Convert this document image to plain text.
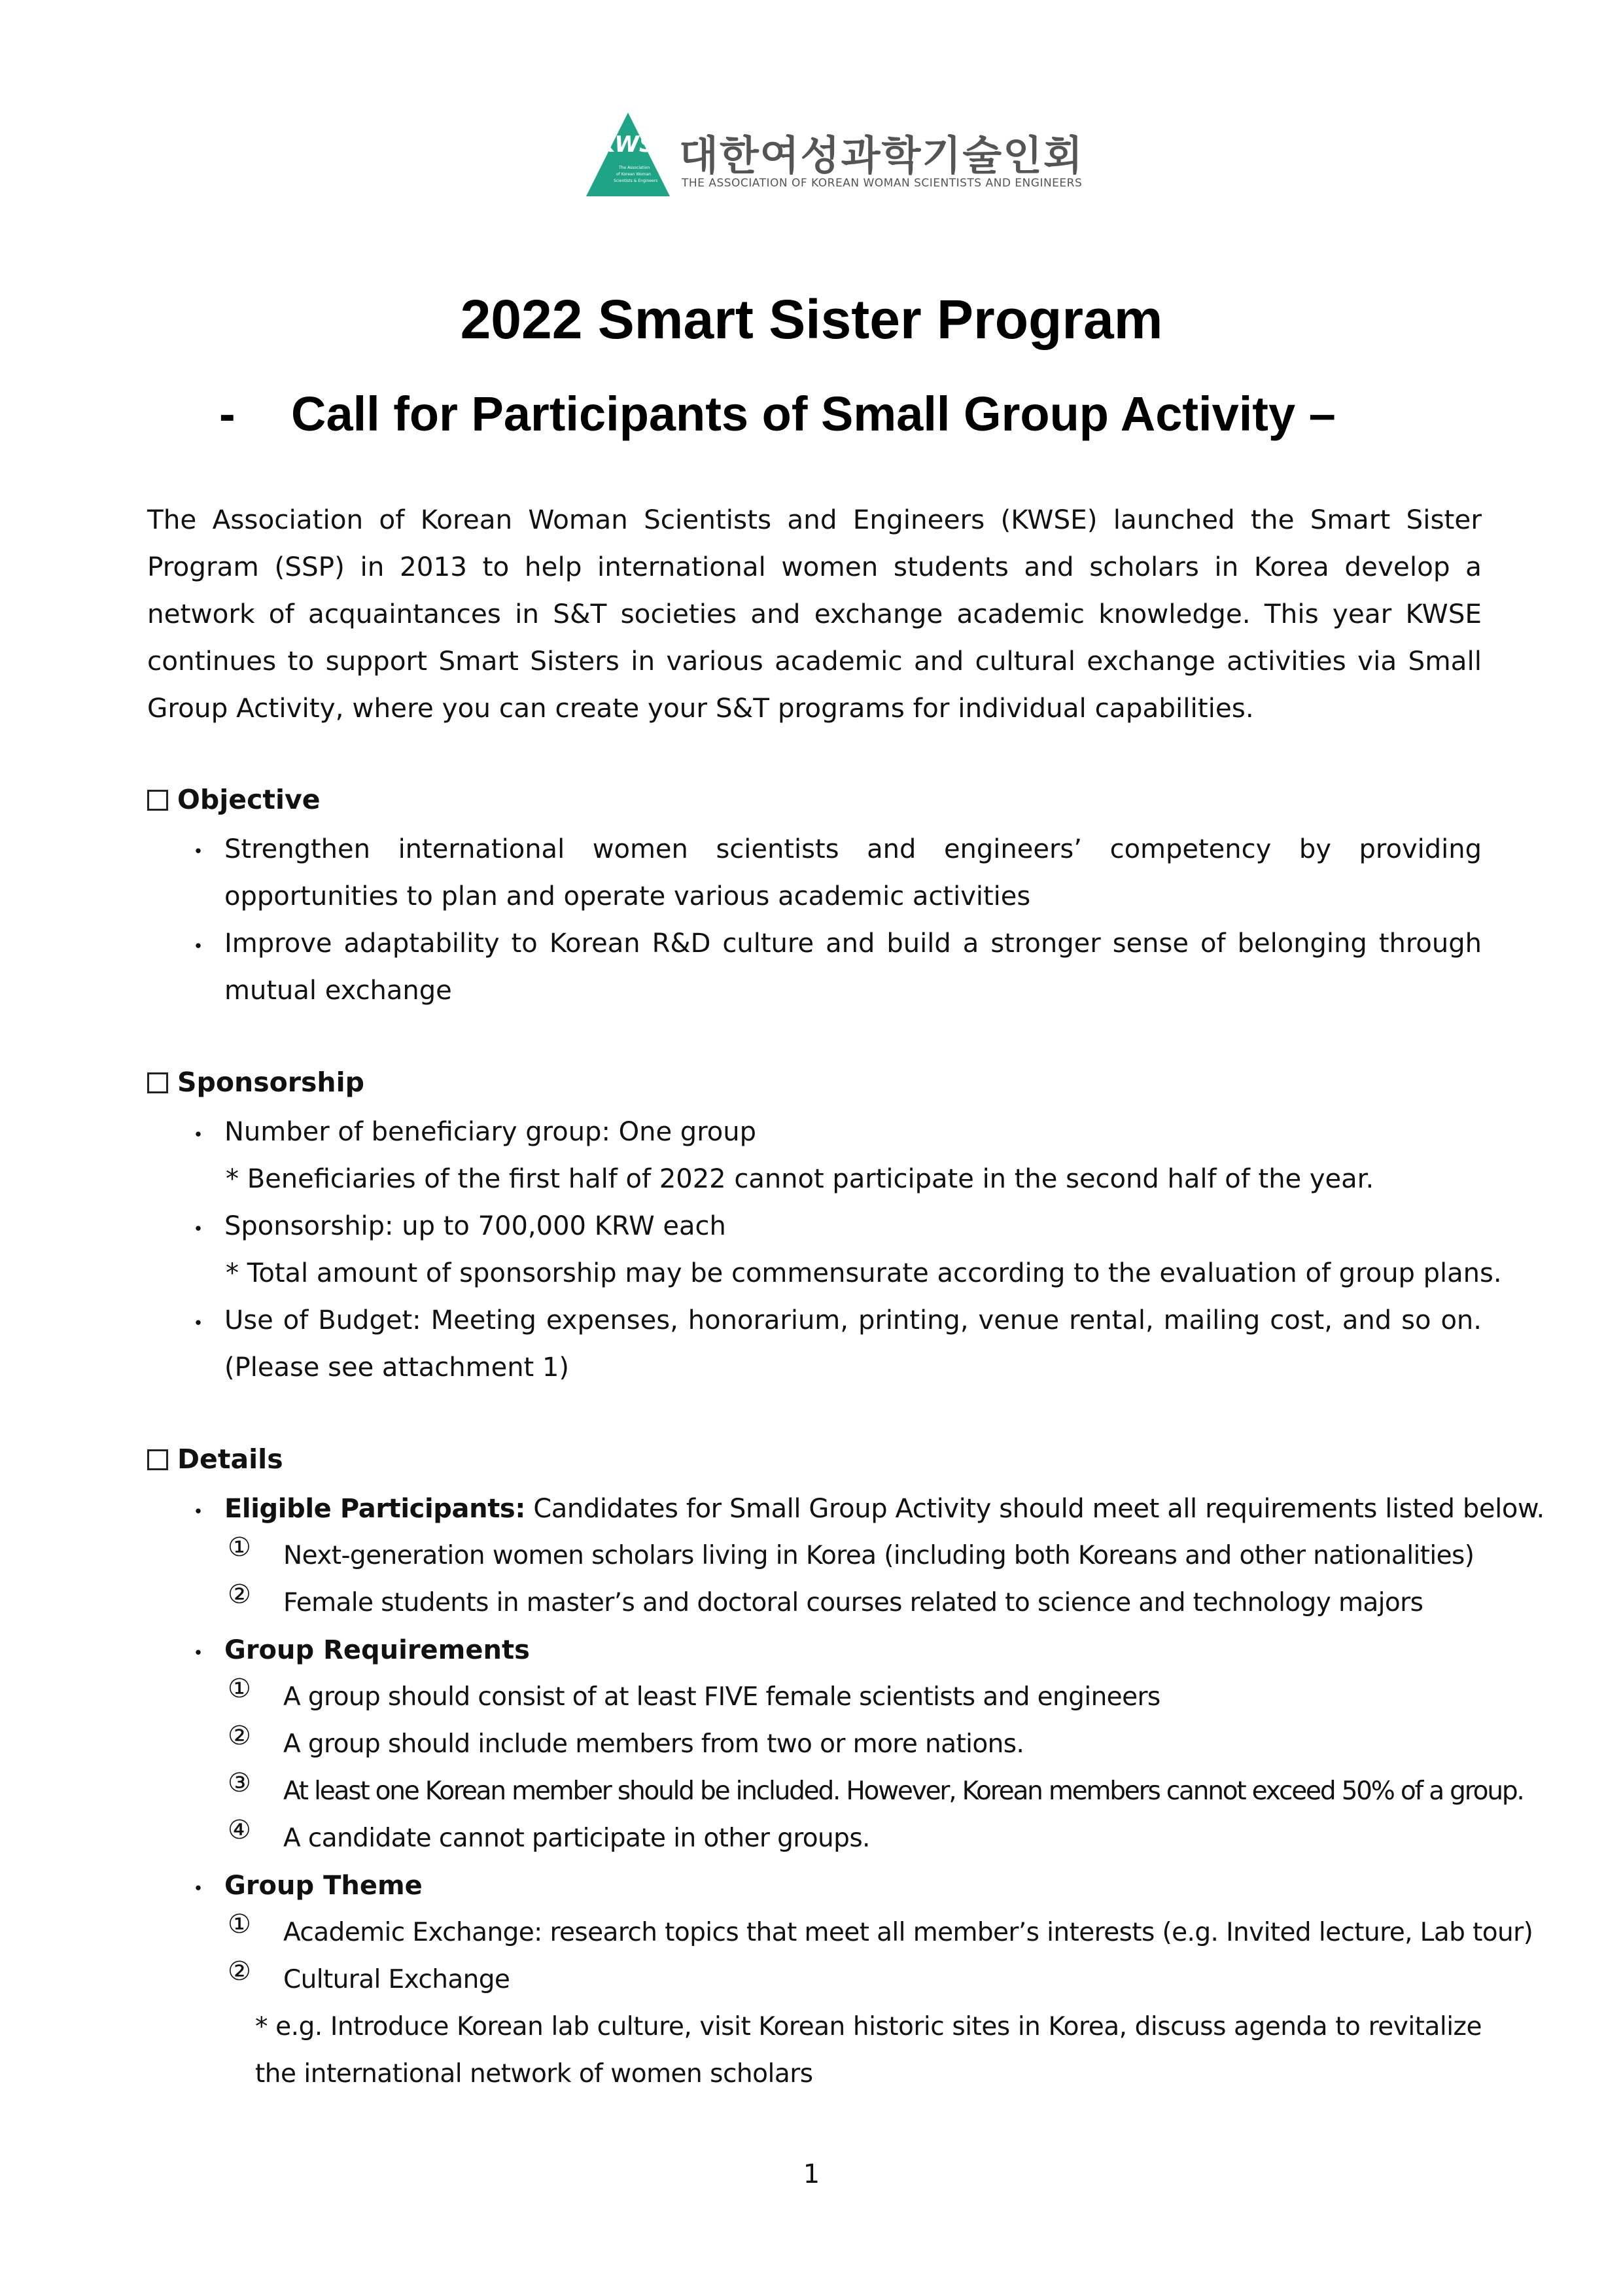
KWSE
The Association
of Korean Woman
Scientists & Engineers
대한여성과학기술인회
THE ASSOCIATION OF KOREAN WOMAN SCIENTISTS AND ENGINEERS
2022 Smart Sister Program
- Call for Participants of Small Group Activity –
The Association of Korean Woman Scientists and Engineers (KWSE) launched the Smart Sister Program (SSP) in 2013 to help international women students and scholars in Korea develop a network of acquaintances in S&T societies and exchange academic knowledge. This year KWSE continues to support Smart Sisters in various academic and cultural exchange activities via Small Group Activity, where you can create your S&T programs for individual capabilities.
Objective
・ Strengthen international women scientists and engineers’ competency by providing opportunities to plan and operate various academic activities
・ Improve adaptability to Korean R&D culture and build a stronger sense of belonging through mutual exchange
Sponsorship
・ Number of beneficiary group: One group
* Beneficiaries of the first half of 2022 cannot participate in the second half of the year.
・ Sponsorship: up to 700,000 KRW each
* Total amount of sponsorship may be commensurate according to the evaluation of group plans.
・ Use of Budget: Meeting expenses, honorarium, printing, venue rental, mailing cost, and so on. (Please see attachment 1)
Details
・ Eligible Participants: Candidates for Small Group Activity should meet all requirements listed below.
① Next-generation women scholars living in Korea (including both Koreans and other nationalities)
② Female students in master’s and doctoral courses related to science and technology majors
・ Group Requirements
① A group should consist of at least FIVE female scientists and engineers
② A group should include members from two or more nations.
③ At least one Korean member should be included. However, Korean members cannot exceed 50% of a group.
④ A candidate cannot participate in other groups.
・ Group Theme
① Academic Exchange: research topics that meet all member’s interests (e.g. Invited lecture, Lab tour)
② Cultural Exchange
* e.g. Introduce Korean lab culture, visit Korean historic sites in Korea, discuss agenda to revitalize the international network of women scholars
1
